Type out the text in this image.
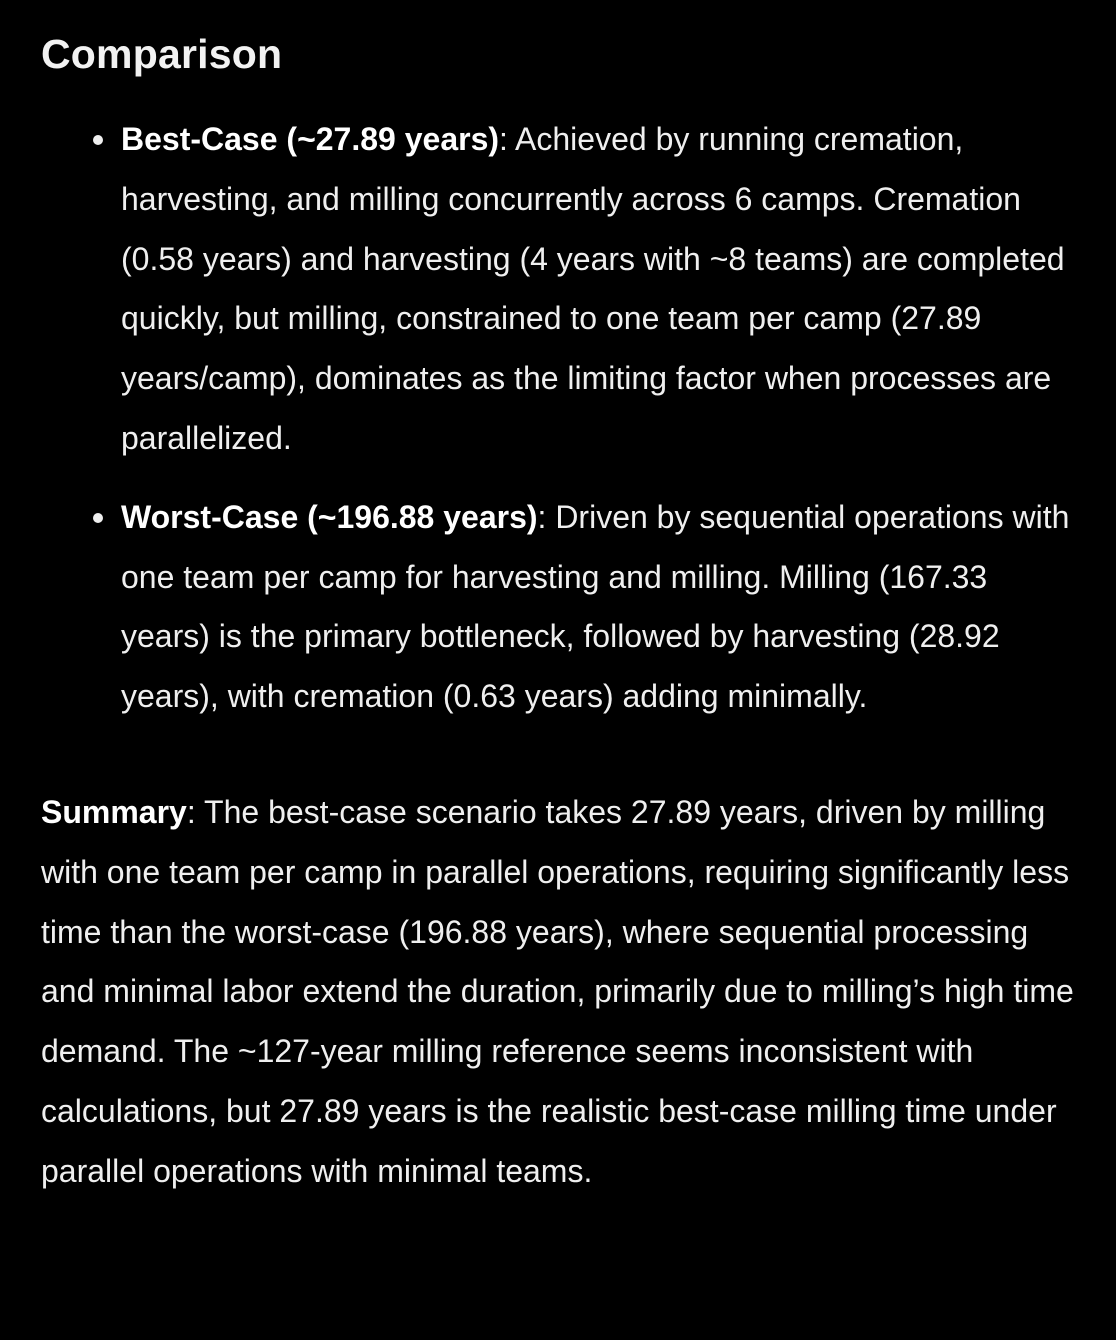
Comparison
Best-Case (~27.89 years): Achieved by running cremation, harvesting, and milling concurrently across 6 camps. Cremation (0.58 years) and harvesting (4 years with ~8 teams) are completed quickly, but milling, constrained to one team per camp (27.89 years/camp), dominates as the limiting factor when processes are parallelized.
Worst-Case (~196.88 years): Driven by sequential operations with one team per camp for harvesting and milling. Milling (167.33 years) is the primary bottleneck, followed by harvesting (28.92 years), with cremation (0.63 years) adding minimally.

Summary: The best-case scenario takes 27.89 years, driven by milling with one team per camp in parallel operations, requiring significantly less time than the worst-case (196.88 years), where sequential processing and minimal labor extend the duration, primarily due to milling’s high time demand. The ~127-year milling reference seems inconsistent with calculations, but 27.89 years is the realistic best-case milling time under parallel operations with minimal teams.
